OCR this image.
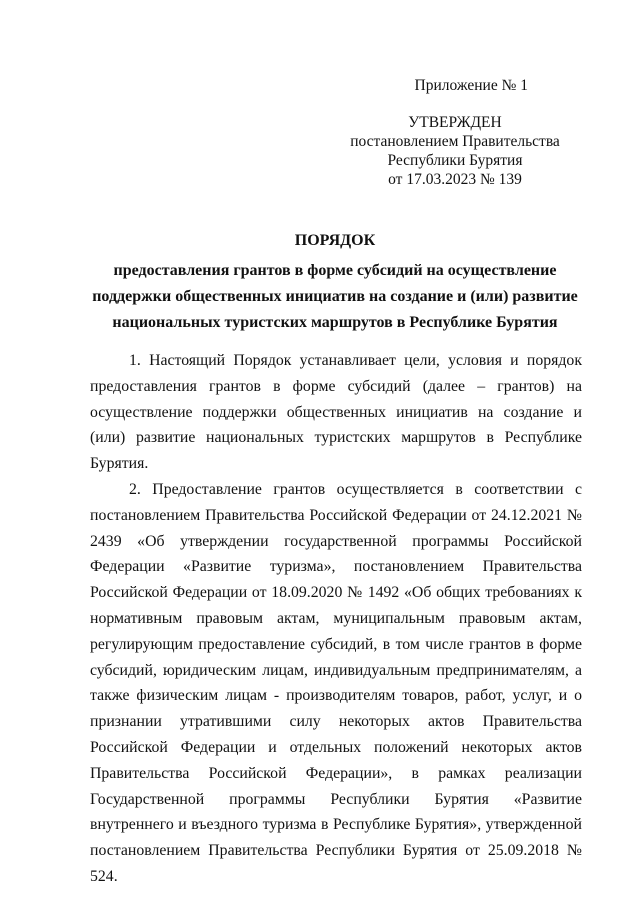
Приложение № 1
УТВЕРЖДЕН
постановлением Правительства
Республики Бурятия
от 17.03.2023 № 139
ПОРЯДОК
предоставления грантов в форме субсидий на осуществление
поддержки общественных инициатив на создание и (или) развитие
национальных туристских маршрутов в Республике Бурятия

1. Настоящий Порядок устанавливает цели, условия и порядок предоставления грантов в форме субсидий (далее – грантов) на осуществление поддержки общественных инициатив на создание и (или) развитие национальных туристских маршрутов в Республике Бурятия.

2. Предоставление грантов осуществляется в соответствии с постановлением Правительства Российской Федерации от 24.12.2021 № 2439 «Об утверждении государственной программы Российской Федерации «Развитие туризма», постановлением Правительства Российской Федерации от 18.09.2020 № 1492 «Об общих требованиях к нормативным правовым актам, муниципальным правовым актам, регулирующим предоставление субсидий, в том числе грантов в форме субсидий, юридическим лицам, индивидуальным предпринимателям, а также физическим лицам - производителям товаров, работ, услуг, и о признании утратившими силу некоторых актов Правительства Российской Федерации и отдельных положений некоторых актов Правительства Российской Федерации», в рамках реализации Государственной программы Республики Бурятия «Развитие внутреннего и въездного туризма в Республике Бурятия», утвержденной постановлением Правительства Республики Бурятия от 25.09.2018 № 524.
